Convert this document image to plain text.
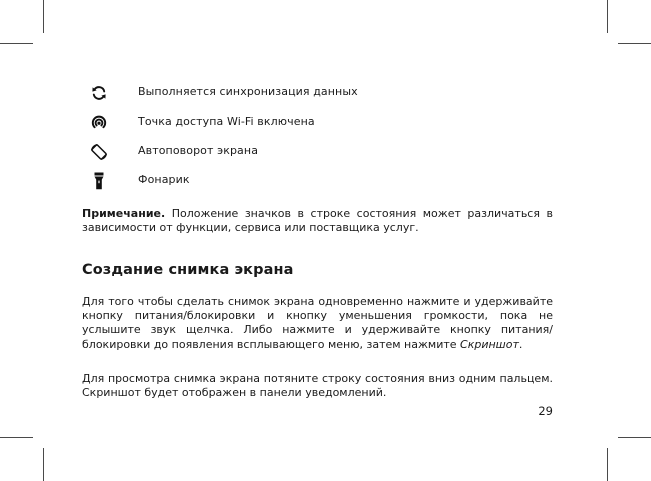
Выполняется синхронизация данных
Точка доступа Wi-Fi включена
Автоповорот экрана
Фонарик
Примечание. Положение значков в строке состояния может различаться в зависимости от функции, сервиса или поставщика услуг.
Создание снимка экрана
Для того чтобы сделать снимок экрана одновременно нажмите и удерживайте кнопку питания/блокировки и кнопку уменьшения громкости, пока не услышите звук щелчка. Либо нажмите и удерживайте кнопку питания/блокировки до появления всплывающего меню, затем нажмите Скриншот.
Для просмотра снимка экрана потяните строку состояния вниз одним пальцем. Скриншот будет отображен в панели уведомлений.
29
